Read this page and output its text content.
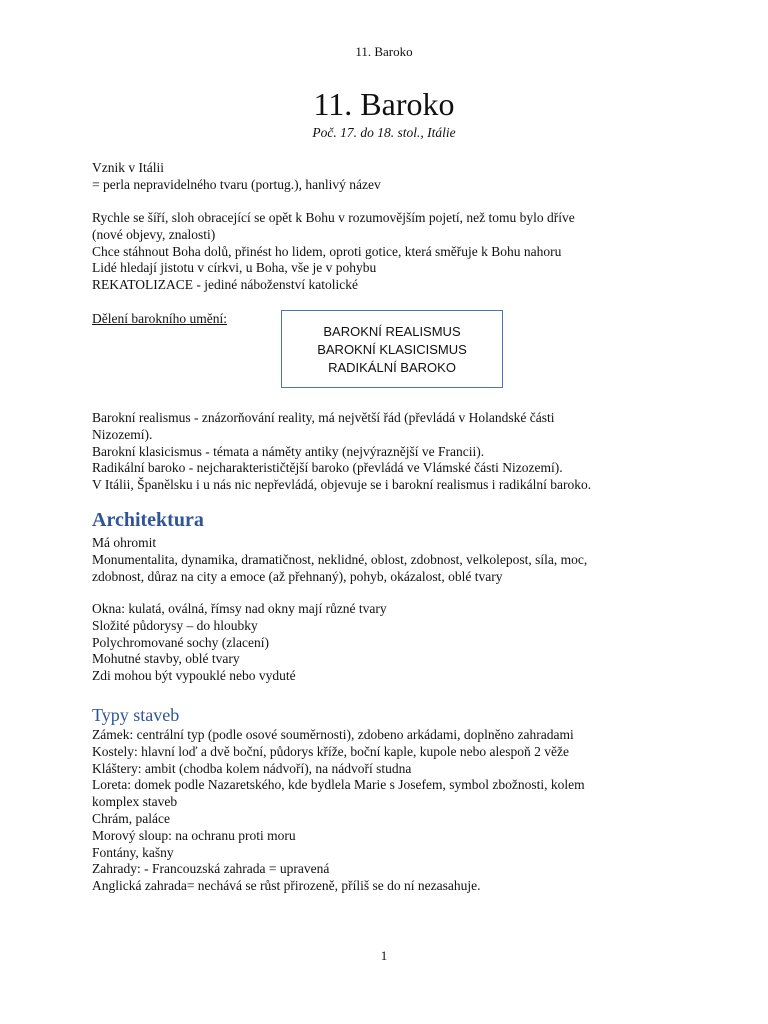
11. Baroko
11. Baroko
Poč. 17. do 18. stol., Itálie
Vznik v Itálii
= perla nepravidelného tvaru (portug.), hanlivý název
Rychle se šíří, sloh obracející se opět k Bohu v rozumovějším pojetí, než tomu bylo dříve
(nové objevy, znalosti)
Chce stáhnout Boha dolů, přinést ho lidem, oproti gotice, která směřuje k Bohu nahoru
Lidé hledají jistotu v církvi, u Boha, vše je v pohybu
REKATOLIZACE - jediné náboženství katolické
Dělení barokního umění:
BAROKNÍ REALISMUS
BAROKNÍ KLASICISMUS
RADIKÁLNÍ BAROKO
Barokní realismus - znázorňování reality, má největší řád (převládá v Holandské části
Nizozemí).
Barokní klasicismus - témata a náměty antiky (nejvýraznější ve Francii).
Radikální baroko - nejcharakterističtější baroko (převládá ve Vlámské části Nizozemí).
V Itálii, Španělsku i u nás nic nepřevládá, objevuje se i barokní realismus i radikální baroko.
Architektura
Má ohromit
Monumentalita, dynamika, dramatičnost, neklidné, oblost, zdobnost, velkolepost, síla, moc,
zdobnost, důraz na city a emoce (až přehnaný), pohyb, okázalost, oblé tvary
Okna: kulatá, oválná, římsy nad okny mají různé tvary
Složité půdorysy – do hloubky
Polychromované sochy (zlacení)
Mohutné stavby, oblé tvary
Zdi mohou být vypouklé nebo vyduté
Typy staveb
Zámek: centrální typ (podle osové souměrnosti), zdobeno arkádami, doplněno zahradami
Kostely: hlavní loď a dvě boční, půdorys kříže, boční kaple, kupole nebo alespoň 2 věže
Kláštery: ambit (chodba kolem nádvoří), na nádvoří studna
Loreta: domek podle Nazaretského, kde bydlela Marie s Josefem, symbol zbožnosti, kolem
komplex staveb
Chrám, paláce
Morový sloup: na ochranu proti moru
Fontány, kašny
Zahrady: - Francouzská zahrada = upravená
Anglická zahrada= nechává se růst přirozeně, příliš se do ní nezasahuje.
1
